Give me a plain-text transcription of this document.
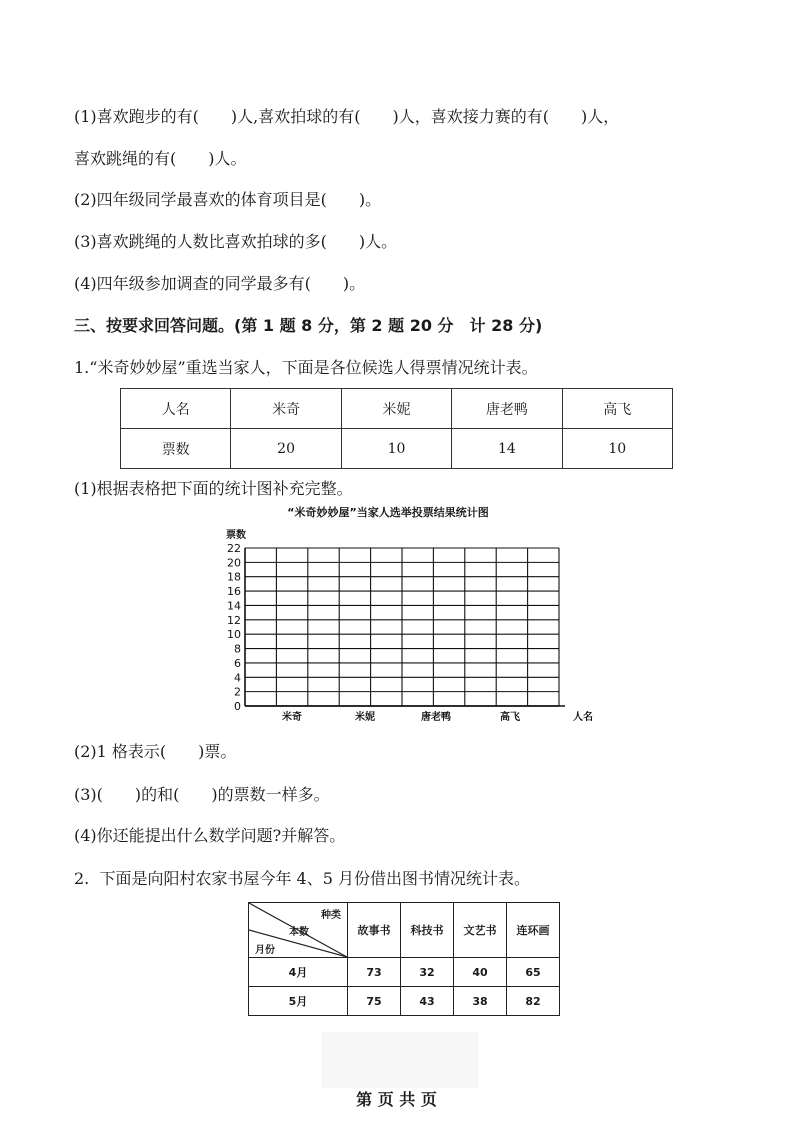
(1)喜欢跑步的有(　　)人,喜欢拍球的有(　　)人，喜欢接力赛的有(　　)人，
喜欢跳绳的有(　　)人。
(2)四年级同学最喜欢的体育项目是(　　)。
(3)喜欢跳绳的人数比喜欢拍球的多(　　)人。
(4)四年级参加调查的同学最多有(　　)。
三、按要求回答问题。(第 1 题 8 分，第 2 题 20 分　计 28 分)
1.“米奇妙妙屋”重选当家人，下面是各位候选人得票情况统计表。
人名	米奇	米妮	唐老鸭	高飞
票数	20	10	14	10
(1)根据表格把下面的统计图补充完整。
“米奇妙妙屋”当家人选举投票结果统计图
票数
0
2
4
6
8
10
12
14
16
18
20
22
米奇	米妮	唐老鸭	高飞	人名
(2)1 格表示(　　)票。
(3)(　　)的和(　　)的票数一样多。
(4)你还能提出什么数学问题?并解答。
2.  下面是向阳村农家书屋今年 4、5 月份借出图书情况统计表。
种类
本数
月份	故事书	科技书	文艺书	连环画
4月	73	32	40	65
5月	75	43	38	82
第 页 共 页
